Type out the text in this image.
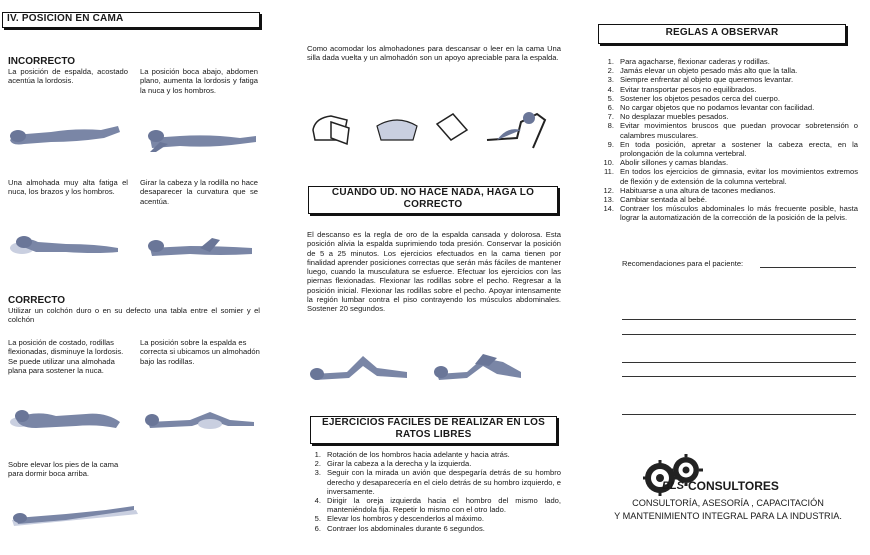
IV. POSICION EN CAMA
INCORRECTO
La posición de espalda, acostado acentúa la lordosis.
La posición boca abajo, abdomen plano, aumenta la lordosis y fatiga la nuca y los hombros.
Una almohada muy alta fatiga el nuca, los brazos y los hombros.
Girar la cabeza y la rodilla no hace desaparecer la curvatura que se acentúa.
CORRECTO
Utilizar un colchón duro o en su defecto una tabla entre el somier y el colchón
La posición de costado, rodillas flexionadas, disminuye la lordosis. Se puede utilizar una almohada plana para sostener la nuca.
La posición sobre la espalda es correcta si ubicamos un almohadón bajo las rodillas.
Sobre elevar los pies de la cama para dormir boca arriba.
Como acomodar los almohadones para descansar o leer en la cama Una silla dada vuelta y un almohadón son un apoyo apreciable para la espalda.
CUANDO UD. NO HACE NADA, HAGA LO CORRECTO
El descanso es la regla de oro de la espalda cansada y dolorosa. Esta posición alivia la espalda suprimiendo toda presión. Conservar la posición de 5 a 25 minutos. Los ejercicios efectuados en la cama tienen por finalidad aprender posiciones correctas que serán más fáciles de mantener luego, cuando la musculatura se esfuerce. Efectuar los ejercicios con las piernas flexionadas. Flexionar las rodillas sobre el pecho. Regresar a la posición inicial. Flexionar las rodillas sobre el pecho. Apoyar intensamente la región lumbar contra el piso contrayendo los músculos abdominales. Sostener 20 segundos.
EJERCICIOS FACILES DE REALIZAR EN LOS RATOS LIBRES
1. Rotación de los hombros hacia adelante y hacia atrás.
2. Girar la cabeza a la derecha y la izquierda.
3. Seguir con la mirada un avión que despegaría detrás de su hombro derecho y desaparecería en el cielo detrás de su hombro izquierdo, e inversamente.
4. Dirigir la oreja izquierda hacia el hombro del mismo lado, manteniéndola fija. Repetir lo mismo con el otro lado.
5. Elevar los hombros y descenderlos al máximo.
6. Contraer los abdominales durante 6 segundos.
REGLAS A OBSERVAR
1. Para agacharse, flexionar caderas y rodillas.
2. Jamás elevar un objeto pesado más alto que la talla.
3. Siempre enfrentar al objeto que queremos levantar.
4. Evitar transportar pesos no equilibrados.
5. Sostener los objetos pesados cerca del cuerpo.
6. No cargar objetos que no podamos levantar con facilidad.
7. No desplazar muebles pesados.
8. Evitar movimientos bruscos que puedan provocar sobretensión o calambres musculares.
9. En toda posición, apretar a sostener la cabeza erecta, en la prolongación de la columna vertebral.
10. Abolir sillones y camas blandas.
11. En todos los ejercicios de gimnasia, evitar los movimientos extremos de flexión y de extensión de la columna vertebral.
12. Habituarse a una altura de tacones medianos.
13. Cambiar sentada al bebé.
14. Contraer los músculos abdominales lo más frecuente posible, hasta lograr la automatización de la corrección de la posición de la pelvis.
Recomendaciones para el paciente:
BLS CONSULTORES
CONSULTORÍA, ASESORÍA , CAPACITACIÓN
Y MANTENIMIENTO INTEGRAL PARA LA INDUSTRIA.
